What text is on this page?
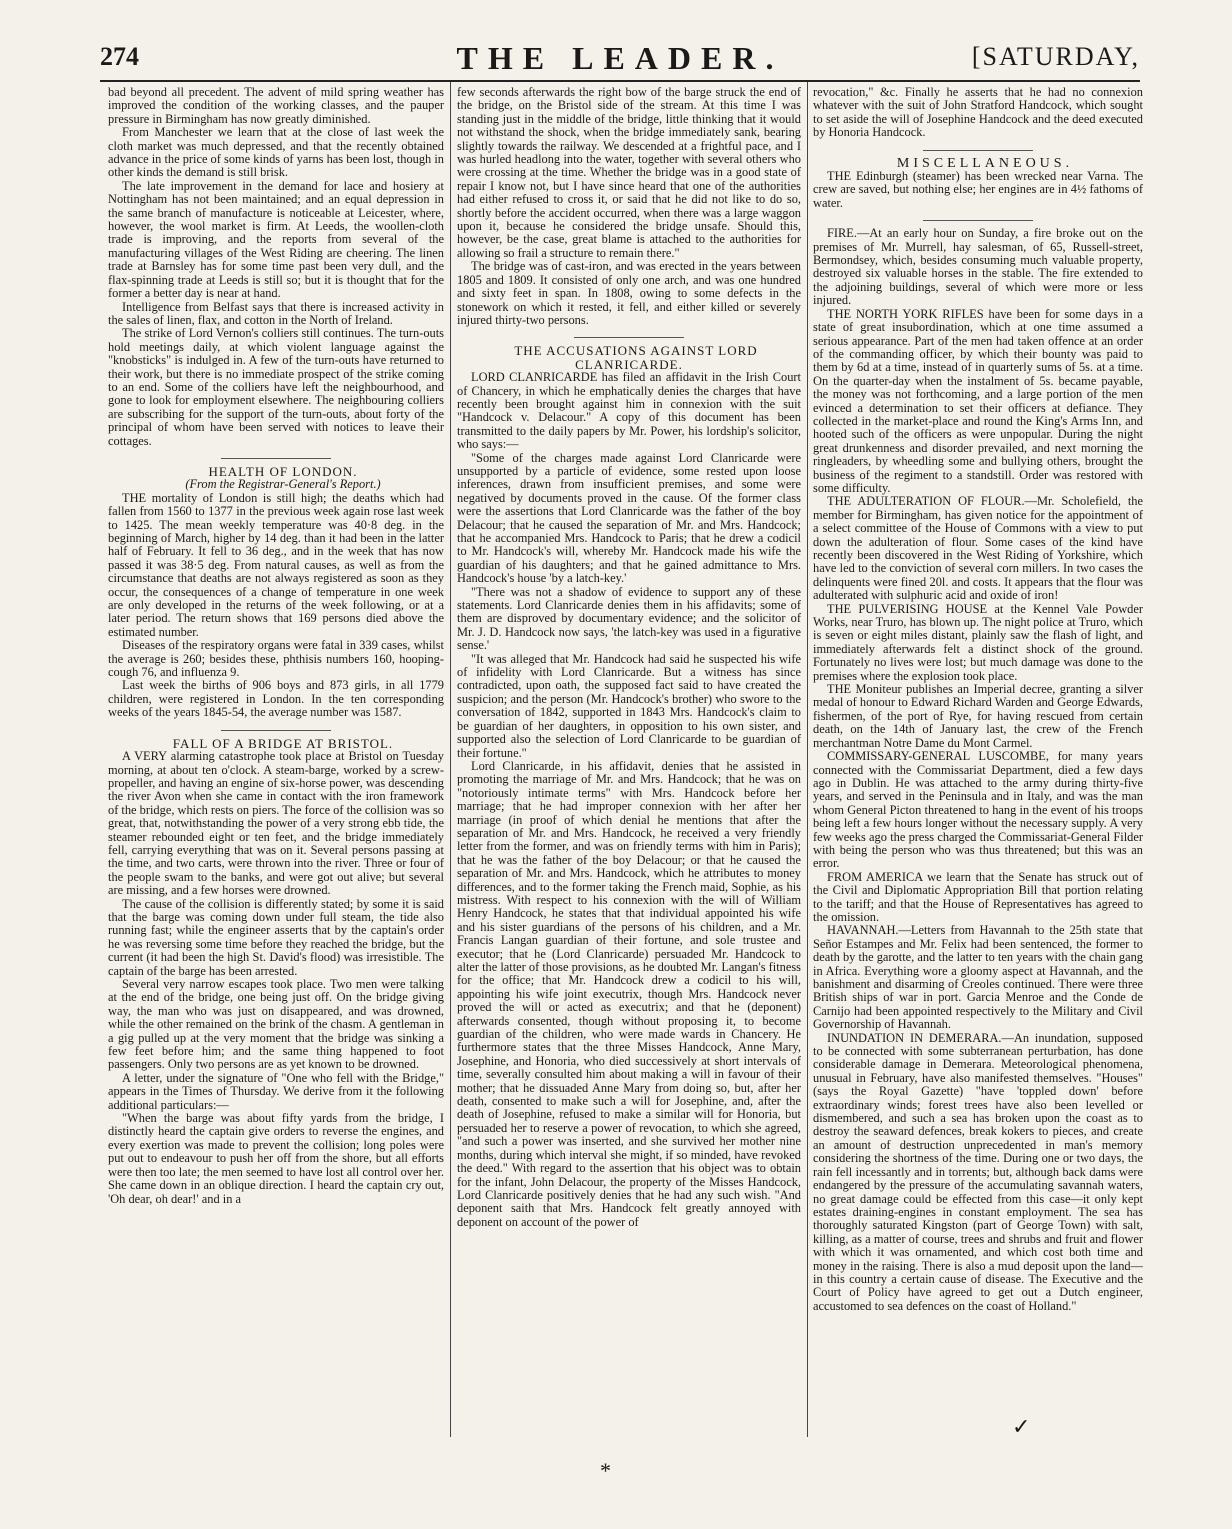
274	THE LEADER.	[SATURDAY,

bad beyond all precedent. The advent of mild spring weather has improved the condition of the working classes, and the pauper pressure in Birmingham has now greatly diminished.

From Manchester we learn that at the close of last week the cloth market was much depressed, and that the recently obtained advance in the price of some kinds of yarns has been lost, though in other kinds the demand is still brisk.

The late improvement in the demand for lace and hosiery at Nottingham has not been maintained; and an equal depression in the same branch of manufacture is noticeable at Leicester, where, however, the wool market is firm. At Leeds, the woollen-cloth trade is improving, and the reports from several of the manufacturing villages of the West Riding are cheering. The linen trade at Barnsley has for some time past been very dull, and the flax-spinning trade at Leeds is still so; but it is thought that for the former a better day is near at hand.

Intelligence from Belfast says that there is increased activity in the sales of linen, flax, and cotton in the North of Ireland.

The strike of Lord Vernon's colliers still continues. The turn-outs hold meetings daily, at which violent language against the "knobsticks" is indulged in. A few of the turn-outs have returned to their work, but there is no immediate prospect of the strike coming to an end. Some of the colliers have left the neighbourhood, and gone to look for employment elsewhere. The neighbouring colliers are subscribing for the support of the turn-outs, about forty of the principal of whom have been served with notices to leave their cottages.

HEALTH OF LONDON.

(From the Registrar-General's Report.)

THE mortality of London is still high; the deaths which had fallen from 1560 to 1377 in the previous week again rose last week to 1425. The mean weekly temperature was 40·8 deg. in the beginning of March, higher by 14 deg. than it had been in the latter half of February. It fell to 36 deg., and in the week that has now passed it was 38·5 deg. From natural causes, as well as from the circumstance that deaths are not always registered as soon as they occur, the consequences of a change of temperature in one week are only developed in the returns of the week following, or at a later period. The return shows that 169 persons died above the estimated number.

Diseases of the respiratory organs were fatal in 339 cases, whilst the average is 260; besides these, phthisis numbers 160, hooping-cough 76, and influenza 9.

Last week the births of 906 boys and 873 girls, in all 1779 children, were registered in London. In the ten corresponding weeks of the years 1845-54, the average number was 1587.

FALL OF A BRIDGE AT BRISTOL.

A VERY alarming catastrophe took place at Bristol on Tuesday morning, at about ten o'clock. A steam-barge, worked by a screw-propeller, and having an engine of six-horse power, was descending the river Avon when she came in contact with the iron framework of the bridge, which rests on piers. The force of the collision was so great, that, notwithstanding the power of a very strong ebb tide, the steamer rebounded eight or ten feet, and the bridge immediately fell, carrying everything that was on it. Several persons passing at the time, and two carts, were thrown into the river. Three or four of the people swam to the banks, and were got out alive; but several are missing, and a few horses were drowned.

The cause of the collision is differently stated; by some it is said that the barge was coming down under full steam, the tide also running fast; while the engineer asserts that by the captain's order he was reversing some time before they reached the bridge, but the current (it had been the high St. David's flood) was irresistible. The captain of the barge has been arrested.

Several very narrow escapes took place. Two men were talking at the end of the bridge, one being just off. On the bridge giving way, the man who was just on disappeared, and was drowned, while the other remained on the brink of the chasm. A gentleman in a gig pulled up at the very moment that the bridge was sinking a few feet before him; and the same thing happened to foot passengers. Only two persons are as yet known to be drowned.

A letter, under the signature of "One who fell with the Bridge," appears in the Times of Thursday. We derive from it the following additional particulars:—

"When the barge was about fifty yards from the bridge, I distinctly heard the captain give orders to reverse the engines, and every exertion was made to prevent the collision; long poles were put out to endeavour to push her off from the shore, but all efforts were then too late; the men seemed to have lost all control over her. She came down in an oblique direction. I heard the captain cry out, 'Oh dear, oh dear!' and in a

few seconds afterwards the right bow of the barge struck the end of the bridge, on the Bristol side of the stream. At this time I was standing just in the middle of the bridge, little thinking that it would not withstand the shock, when the bridge immediately sank, bearing slightly towards the railway. We descended at a frightful pace, and I was hurled headlong into the water, together with several others who were crossing at the time. Whether the bridge was in a good state of repair I know not, but I have since heard that one of the authorities had either refused to cross it, or said that he did not like to do so, shortly before the accident occurred, when there was a large waggon upon it, because he considered the bridge unsafe. Should this, however, be the case, great blame is attached to the authorities for allowing so frail a structure to remain there."

The bridge was of cast-iron, and was erected in the years between 1805 and 1809. It consisted of only one arch, and was one hundred and sixty feet in span. In 1808, owing to some defects in the stonework on which it rested, it fell, and either killed or severely injured thirty-two persons.

THE ACCUSATIONS AGAINST LORD CLANRICARDE.

LORD CLANRICARDE has filed an affidavit in the Irish Court of Chancery, in which he emphatically denies the charges that have recently been brought against him in connexion with the suit "Handcock v. Delacour." A copy of this document has been transmitted to the daily papers by Mr. Power, his lordship's solicitor, who says:—

"Some of the charges made against Lord Clanricarde were unsupported by a particle of evidence, some rested upon loose inferences, drawn from insufficient premises, and some were negatived by documents proved in the cause. Of the former class were the assertions that Lord Clanricarde was the father of the boy Delacour; that he caused the separation of Mr. and Mrs. Handcock; that he accompanied Mrs. Handcock to Paris; that he drew a codicil to Mr. Handcock's will, whereby Mr. Handcock made his wife the guardian of his daughters; and that he gained admittance to Mrs. Handcock's house 'by a latch-key.'

"There was not a shadow of evidence to support any of these statements. Lord Clanricarde denies them in his affidavits; some of them are disproved by documentary evidence; and the solicitor of Mr. J. D. Handcock now says, 'the latch-key was used in a figurative sense.'

"It was alleged that Mr. Handcock had said he suspected his wife of infidelity with Lord Clanricarde. But a witness has since contradicted, upon oath, the supposed fact said to have created the suspicion; and the person (Mr. Handcock's brother) who swore to the conversation of 1842, supported in 1843 Mrs. Handcock's claim to be guardian of her daughters, in opposition to his own sister, and supported also the selection of Lord Clanricarde to be guardian of their fortune."

Lord Clanricarde, in his affidavit, denies that he assisted in promoting the marriage of Mr. and Mrs. Handcock; that he was on "notoriously intimate terms" with Mrs. Handcock before her marriage; that he had improper connexion with her after her marriage (in proof of which denial he mentions that after the separation of Mr. and Mrs. Handcock, he received a very friendly letter from the former, and was on friendly terms with him in Paris); that he was the father of the boy Delacour; or that he caused the separation of Mr. and Mrs. Handcock, which he attributes to money differences, and to the former taking the French maid, Sophie, as his mistress. With respect to his connexion with the will of William Henry Handcock, he states that that individual appointed his wife and his sister guardians of the persons of his children, and a Mr. Francis Langan guardian of their fortune, and sole trustee and executor; that he (Lord Clanricarde) persuaded Mr. Handcock to alter the latter of those provisions, as he doubted Mr. Langan's fitness for the office; that Mr. Handcock drew a codicil to his will, appointing his wife joint executrix, though Mrs. Handcock never proved the will or acted as executrix; and that he (deponent) afterwards consented, though without proposing it, to become guardian of the children, who were made wards in Chancery. He furthermore states that the three Misses Handcock, Anne Mary, Josephine, and Honoria, who died successively at short intervals of time, severally consulted him about making a will in favour of their mother; that he dissuaded Anne Mary from doing so, but, after her death, consented to make such a will for Josephine, and, after the death of Josephine, refused to make a similar will for Honoria, but persuaded her to reserve a power of revocation, to which she agreed, "and such a power was inserted, and she survived her mother nine months, during which interval she might, if so minded, have revoked the deed." With regard to the assertion that his object was to obtain for the infant, John Delacour, the property of the Misses Handcock, Lord Clanricarde positively denies that he had any such wish. "And deponent saith that Mrs. Handcock felt greatly annoyed with deponent on account of the power of

revocation," &c. Finally he asserts that he had no connexion whatever with the suit of John Stratford Handcock, which sought to set aside the will of Josephine Handcock and the deed executed by Honoria Handcock.

MISCELLANEOUS.

THE Edinburgh (steamer) has been wrecked near Varna. The crew are saved, but nothing else; her engines are in 4½ fathoms of water.

FIRE.—At an early hour on Sunday, a fire broke out on the premises of Mr. Murrell, hay salesman, of 65, Russell-street, Bermondsey, which, besides consuming much valuable property, destroyed six valuable horses in the stable. The fire extended to the adjoining buildings, several of which were more or less injured.

THE NORTH YORK RIFLES have been for some days in a state of great insubordination, which at one time assumed a serious appearance. Part of the men had taken offence at an order of the commanding officer, by which their bounty was paid to them by 6d at a time, instead of in quarterly sums of 5s. at a time. On the quarter-day when the instalment of 5s. became payable, the money was not forthcoming, and a large portion of the men evinced a determination to set their officers at defiance. They collected in the market-place and round the King's Arms Inn, and hooted such of the officers as were unpopular. During the night great drunkenness and disorder prevailed, and next morning the ringleaders, by wheedling some and bullying others, brought the business of the regiment to a standstill. Order was restored with some difficulty.

THE ADULTERATION OF FLOUR.—Mr. Scholefield, the member for Birmingham, has given notice for the appointment of a select committee of the House of Commons with a view to put down the adulteration of flour. Some cases of the kind have recently been discovered in the West Riding of Yorkshire, which have led to the conviction of several corn millers. In two cases the delinquents were fined 20l. and costs. It appears that the flour was adulterated with sulphuric acid and oxide of iron!

THE PULVERISING HOUSE at the Kennel Vale Powder Works, near Truro, has blown up. The night police at Truro, which is seven or eight miles distant, plainly saw the flash of light, and immediately afterwards felt a distinct shock of the ground. Fortunately no lives were lost; but much damage was done to the premises where the explosion took place.

THE Moniteur publishes an Imperial decree, granting a silver medal of honour to Edward Richard Warden and George Edwards, fishermen, of the port of Rye, for having rescued from certain death, on the 14th of January last, the crew of the French merchantman Notre Dame du Mont Carmel.

COMMISSARY-GENERAL LUSCOMBE, for many years connected with the Commissariat Department, died a few days ago in Dublin. He was attached to the army during thirty-five years, and served in the Peninsula and in Italy, and was the man whom General Picton threatened to hang in the event of his troops being left a few hours longer without the necessary supply. A very few weeks ago the press charged the Commissariat-General Filder with being the person who was thus threatened; but this was an error.

FROM AMERICA we learn that the Senate has struck out of the Civil and Diplomatic Appropriation Bill that portion relating to the tariff; and that the House of Representatives has agreed to the omission.

HAVANNAH.—Letters from Havannah to the 25th state that Señor Estampes and Mr. Felix had been sentenced, the former to death by the garotte, and the latter to ten years with the chain gang in Africa. Everything wore a gloomy aspect at Havannah, and the banishment and disarming of Creoles continued. There were three British ships of war in port. Garcia Menroe and the Conde de Carnijo had been appointed respectively to the Military and Civil Governorship of Havannah.

INUNDATION IN DEMERARA.—An inundation, supposed to be connected with some subterranean perturbation, has done considerable damage in Demerara. Meteorological phenomena, unusual in February, have also manifested themselves. "Houses" (says the Royal Gazette) "have 'toppled down' before extraordinary winds; forest trees have also been levelled or dismembered, and such a sea has broken upon the coast as to destroy the seaward defences, break kokers to pieces, and create an amount of destruction unprecedented in man's memory considering the shortness of the time. During one or two days, the rain fell incessantly and in torrents; but, although back dams were endangered by the pressure of the accumulating savannah waters, no great damage could be effected from this case—it only kept estates draining-engines in constant employment. The sea has thoroughly saturated Kingston (part of George Town) with salt, killing, as a matter of course, trees and shrubs and fruit and flower with which it was ornamented, and which cost both time and money in the raising. There is also a mud deposit upon the land—in this country a certain cause of disease. The Executive and the Court of Policy have agreed to get out a Dutch engineer, accustomed to sea defences on the coast of Holland."

✓
*
